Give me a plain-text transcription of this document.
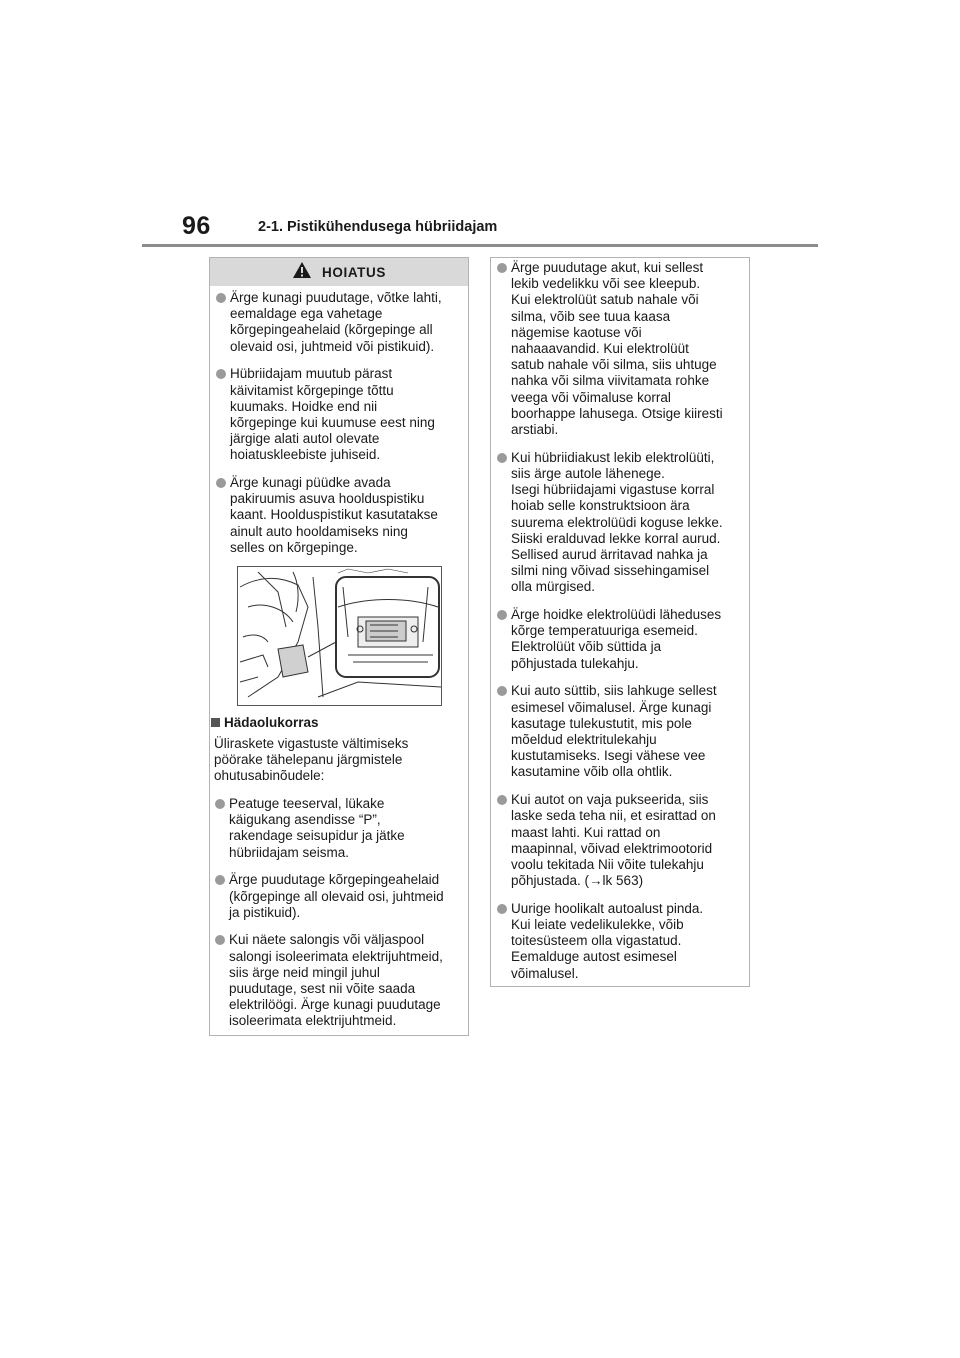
96	2-1. Pistikühendusega hübriidajam
HOIATUS
Ärge kunagi puudutage, võtke lahti,
eemaldage ega vahetage
kõrgepingeahelaid (kõrgepinge all
olevaid osi, juhtmeid või pistikuid).
Hübriidajam muutub pärast
käivitamist kõrgepinge tõttu
kuumaks. Hoidke end nii
kõrgepinge kui kuumuse eest ning
järgige alati autol olevate
hoiatuskleebiste juhiseid.
Ärge kunagi püüdke avada
pakiruumis asuva hoolduspistiku
kaant. Hoolduspistikut kasutatakse
ainult auto hooldamiseks ning
selles on kõrgepinge.
Hädaolukorras
Üliraskete vigastuste vältimiseks
pöörake tähelepanu järgmistele
ohutusabinõudele:
Peatuge teeserval, lükake
käigukang asendisse “P”,
rakendage seisupidur ja jätke
hübriidajam seisma.
Ärge puudutage kõrgepingeahelaid
(kõrgepinge all olevaid osi, juhtmeid
ja pistikuid).
Kui näete salongis või väljaspool
salongi isoleerimata elektrijuhtmeid,
siis ärge neid mingil juhul
puudutage, sest nii võite saada
elektrilöögi. Ärge kunagi puudutage
isoleerimata elektrijuhtmeid.
Ärge puudutage akut, kui sellest
lekib vedelikku või see kleepub.
Kui elektrolüüt satub nahale või
silma, võib see tuua kaasa
nägemise kaotuse või
nahaaavandid. Kui elektrolüüt
satub nahale või silma, siis uhtuge
nahka või silma viivitamata rohke
veega või võimaluse korral
boorhappe lahusega. Otsige kiiresti
arstiabi.
Kui hübriidiakust lekib elektrolüüti,
siis ärge autole lähenege.
Isegi hübriidajami vigastuse korral
hoiab selle konstruktsioon ära
suurema elektrolüüdi koguse lekke.
Siiski eralduvad lekke korral aurud.
Sellised aurud ärritavad nahka ja
silmi ning võivad sissehingamisel
olla mürgised.
Ärge hoidke elektrolüüdi läheduses
kõrge temperatuuriga esemeid.
Elektrolüüt võib süttida ja
põhjustada tulekahju.
Kui auto süttib, siis lahkuge sellest
esimesel võimalusel. Ärge kunagi
kasutage tulekustutit, mis pole
mõeldud elektritulekahju
kustutamiseks. Isegi vähese vee
kasutamine võib olla ohtlik.
Kui autot on vaja pukseerida, siis
laske seda teha nii, et esirattad on
maast lahti. Kui rattad on
maapinnal, võivad elektrimootorid
voolu tekitada Nii võite tulekahju
põhjustada. (→lk 563)
Uurige hoolikalt autoalust pinda.
Kui leiate vedelikulekke, võib
toitesüsteem olla vigastatud.
Eemalduge autost esimesel
võimalusel.
